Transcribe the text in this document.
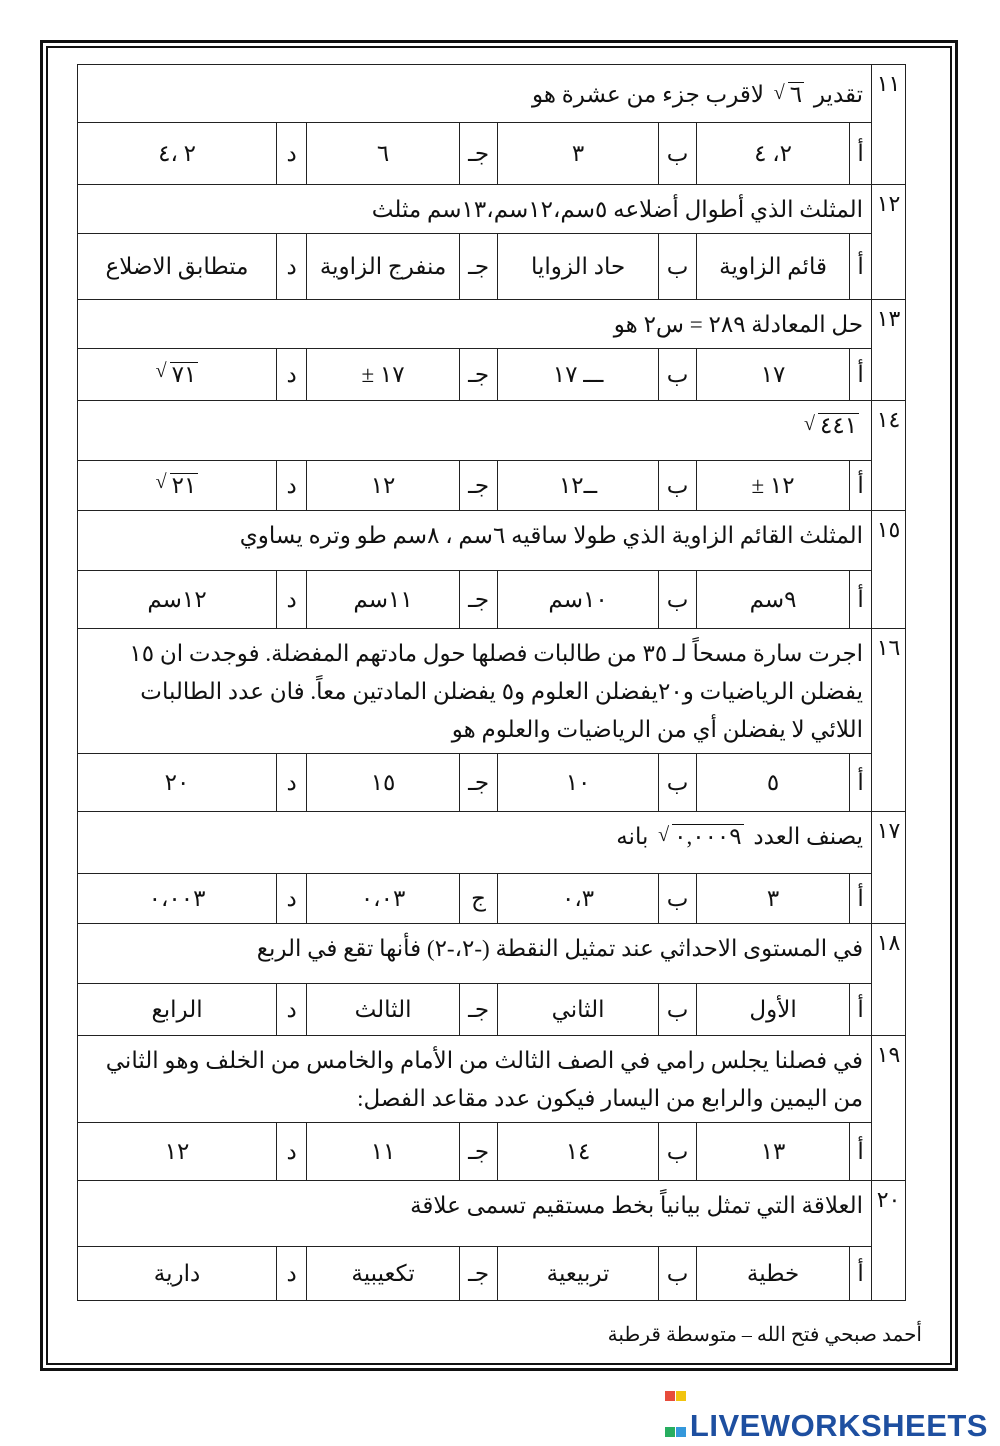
١١	تقدير
√ ٦ لاقرب جزء من عشرة هو							
	أ	٢، ٤	ب	٣	جـ	٦	د	٢ ،٤
١٢	المثلث الذي أطوال أضلاعه ٥سم،١٢سم،١٣سم مثلث							
	أ	قائم الزاوية	ب	حاد الزوايا	جـ	منفرج الزاوية	د	متطابق الاضلاع
١٣	حل المعادلة ٢٨٩ = س٢ هو							
	أ	١٧	ب	ـــ ١٧	جـ	١٧ ±	د	√ ٧١
١٤	√ ٤٤١							
	أ	١٢ ±	ب	ــ١٢	جـ	١٢	د	√ ٢١
١٥	المثلث القائم الزاوية الذي طولا ساقيه ٦سم ، ٨سم طو وتره يساوي							
	أ	٩سم	ب	١٠سم	جـ	١١سم	د	١٢سم
١٦	اجرت سارة مسحاً لـ ٣٥ من طالبات فصلها حول مادتهم المفضلة. فوجدت ان ١٥ يفضلن الرياضيات و٢٠يفضلن العلوم و٥ يفضلن المادتين معاً. فان عدد الطالبات اللائي لا يفضلن أي من الرياضيات والعلوم هو							
	أ	٥	ب	١٠	جـ	١٥	د	٢٠
١٧	يصنف العدد
√ ٠,٠٠٠٩ بانه							
	أ	٣	ب	٠،٣	ج	٠،٠٣	د	٠،٠٠٣
١٨	في المستوى الاحداثي عند تمثيل النقطة (-٢،-٢) فأنها تقع في الربع							
	أ	الأول	ب	الثاني	جـ	الثالث	د	الرابع
١٩	في فصلنا يجلس رامي في الصف الثالث من الأمام والخامس من الخلف وهو الثاني من اليمين والرابع من اليسار فيكون عدد مقاعد الفصل:							
	أ	١٣	ب	١٤	جـ	١١	د	١٢
٢٠	العلاقة التي تمثل بيانياً بخط مستقيم تسمى علاقة							
	أ	خطية	ب	تربيعية	جـ	تكعيبية	د	دارية
أحمد صبحي فتح الله – متوسطة قرطبة

LIVEWORKSHEETS
